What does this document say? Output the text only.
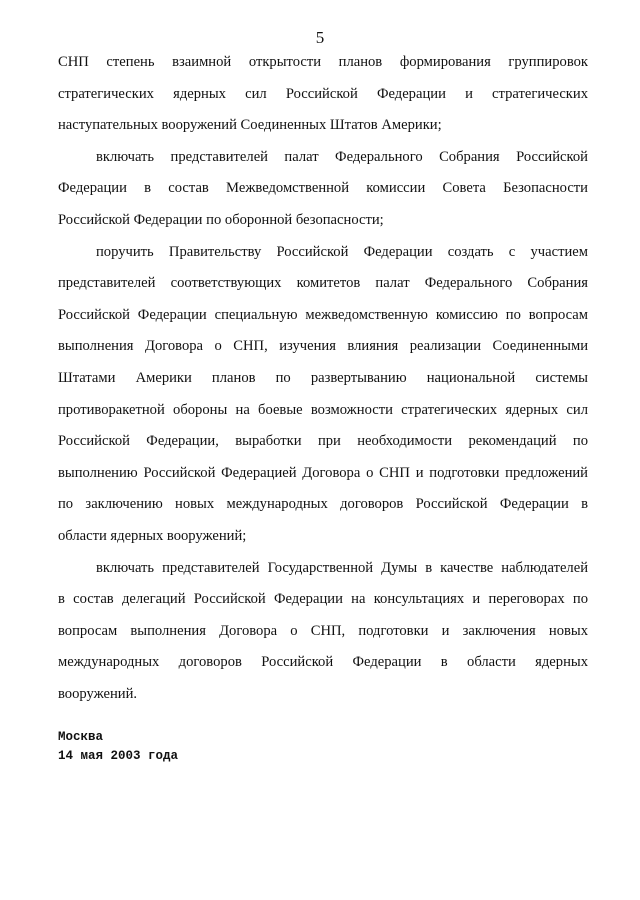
5
СНП степень взаимной открытости планов формирования группировок
стратегических ядерных сил Российской Федерации и стратегических
наступательных вооружений Соединенных Штатов Америки;
включать представителей палат Федерального Собрания Российской
Федерации в состав Межведомственной комиссии Совета Безопасности
Российской Федерации по оборонной безопасности;
поручить Правительству Российской Федерации создать с участием
представителей соответствующих комитетов палат Федерального Собрания
Российской Федерации специальную межведомственную комиссию по вопросам
выполнения Договора о СНП, изучения влияния реализации Соединенными
Штатами Америки планов по развертыванию национальной системы
противоракетной обороны на боевые возможности стратегических ядерных сил
Российской Федерации, выработки при необходимости рекомендаций по
выполнению Российской Федерацией Договора о СНП и подготовки предложений
по заключению новых международных договоров Российской Федерации в
области ядерных вооружений;
включать представителей Государственной Думы в качестве наблюдателей
в состав делегаций Российской Федерации на консультациях и переговорах по
вопросам выполнения Договора о СНП, подготовки и заключения новых
международных договоров Российской Федерации в области ядерных
вооружений.
Москва
14 мая 2003 года
